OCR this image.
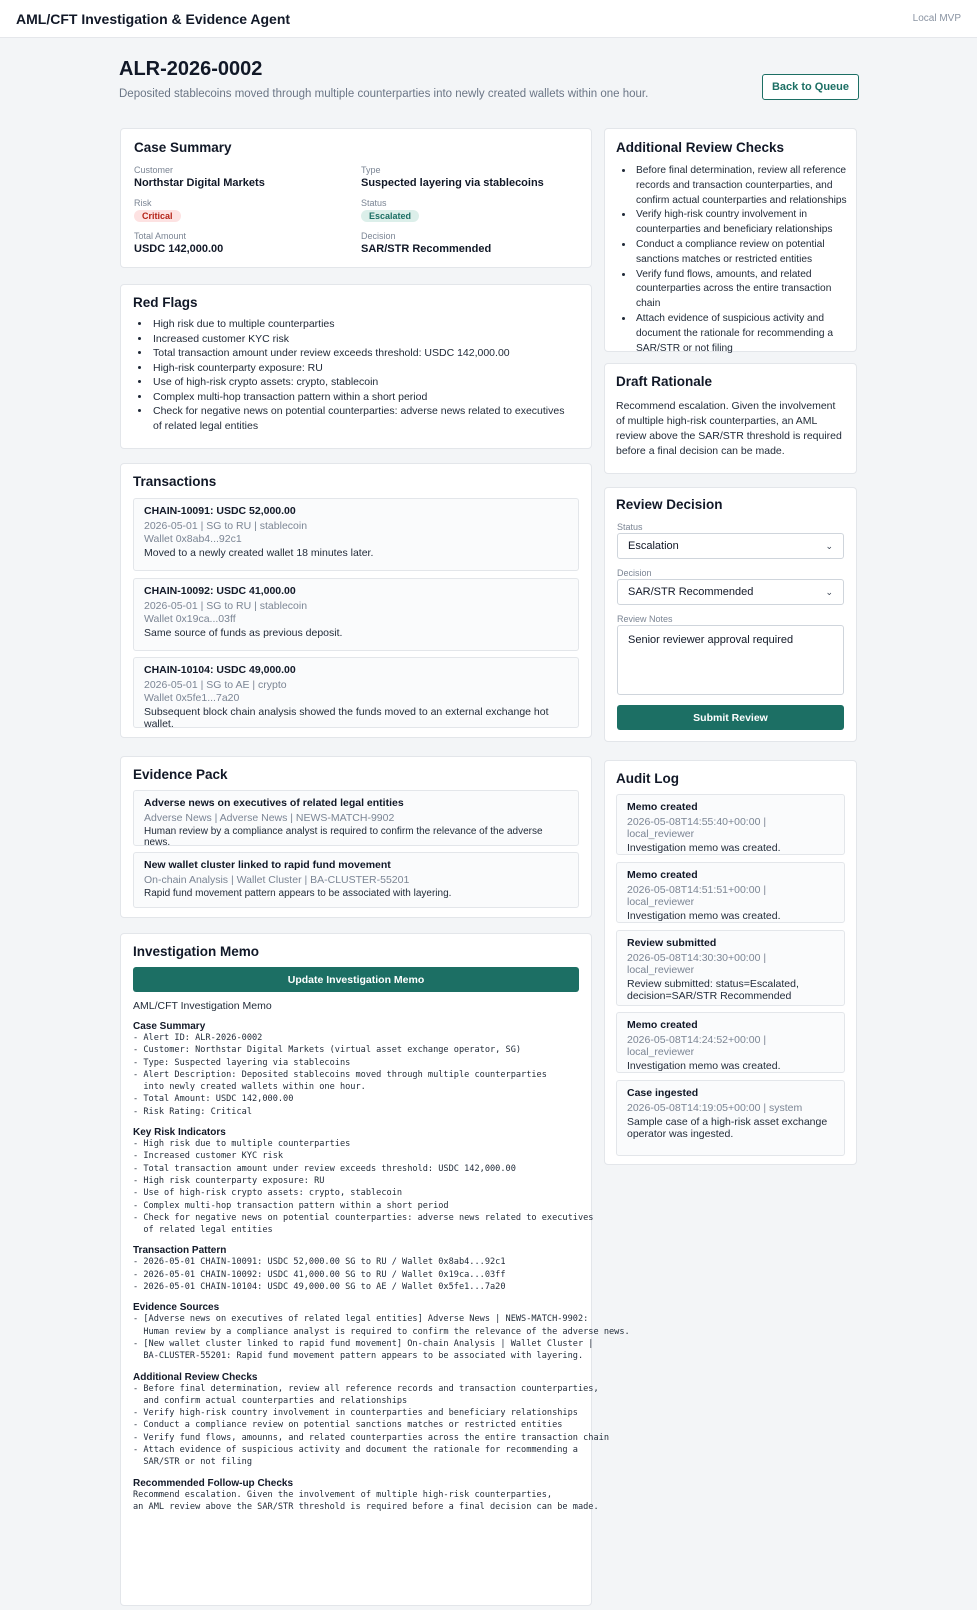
AML/CFT Investigation & Evidence Agent	Local MVP
ALR-2026-0002
Deposited stablecoins moved through multiple counterparties into newly created wallets within one hour.
Back to Queue
Case Summary
Customer
Northstar Digital Markets
Type
Suspected layering via stablecoins
Risk
Critical
Status
Escalated
Total Amount
USDC 142,000.00
Decision
SAR/STR Recommended
Red Flags
• High risk due to multiple counterparties
• Increased customer KYC risk
• Total transaction amount under review exceeds threshold: USDC 142,000.00
• High-risk counterparty exposure: RU
• Use of high-risk crypto assets: crypto, stablecoin
• Complex multi-hop transaction pattern within a short period
• Check for negative news on potential counterparties: adverse news related to executives of related legal entities
Transactions
CHAIN-10091: USDC 52,000.00
2026-05-01 | SG to RU | stablecoin
Wallet 0x8ab4...92c1
Moved to a newly created wallet 18 minutes later.
CHAIN-10092: USDC 41,000.00
2026-05-01 | SG to RU | stablecoin
Wallet 0x19ca...03ff
Same source of funds as previous deposit.
CHAIN-10104: USDC 49,000.00
2026-05-01 | SG to AE | crypto
Wallet 0x5fe1...7a20
Subsequent block chain analysis showed the funds moved to an external exchange hot wallet.
Evidence Pack
Adverse news on executives of related legal entities
Adverse News | Adverse News | NEWS-MATCH-9902
Human review by a compliance analyst is required to confirm the relevance of the adverse news.
New wallet cluster linked to rapid fund movement
On-chain Analysis | Wallet Cluster | BA-CLUSTER-55201
Rapid fund movement pattern appears to be associated with layering.
Investigation Memo
Update Investigation Memo
AML/CFT Investigation Memo
Case Summary
- Alert ID: ALR-2026-0002
- Customer: Northstar Digital Markets (virtual asset exchange operator, SG)
- Type: Suspected layering via stablecoins
- Alert Description: Deposited stablecoins moved through multiple counterparties
into newly created wallets within one hour.
- Total Amount: USDC 142,000.00
- Risk Rating: Critical
Key Risk Indicators
- High risk due to multiple counterparties
- Increased customer KYC risk
- Total transaction amount under review exceeds threshold: USDC 142,000.00
- High risk counterparty exposure: RU
- Use of high-risk crypto assets: crypto, stablecoin
- Complex multi-hop transaction pattern within a short period
- Check for negative news on potential counterparties: adverse news related to executives
of related legal entities
Transaction Pattern
- 2026-05-01 CHAIN-10091: USDC 52,000.00 SG to RU / Wallet 0x8ab4...92c1
- 2026-05-01 CHAIN-10092: USDC 41,000.00 SG to RU / Wallet 0x19ca...03ff
- 2026-05-01 CHAIN-10104: USDC 49,000.00 SG to AE / Wallet 0x5fe1...7a20
Evidence Sources
- [Adverse news on executives of related legal entities] Adverse News | NEWS-MATCH-9902:
Human review by a compliance analyst is required to confirm the relevance of the adverse news.
- [New wallet cluster linked to rapid fund movement] On-chain Analysis | Wallet Cluster |
BA-CLUSTER-55201: Rapid fund movement pattern appears to be associated with layering.
Additional Review Checks
- Before final determination, review all reference records and transaction counterparties,
and confirm actual counterparties and relationships
- Verify high-risk country involvement in counterparties and beneficiary relationships
- Conduct a compliance review on potential sanctions matches or restricted entities
- Verify fund flows, amounns, and related counterparties across the entire transaction chain
- Attach evidence of suspicious activity and document the rationale for recommending a
SAR/STR or not filing
Recommended Follow-up Checks
Recommend escalation. Given the involvement of multiple high-risk counterparties,
an AML review above the SAR/STR threshold is required before a final decision can be made.
Additional Review Checks
• Before final determination, review all reference records and transaction counterparties, and confirm actual counterparties and relationships
• Verify high-risk country involvement in counterparties and beneficiary relationships
• Conduct a compliance review on potential sanctions matches or restricted entities
• Verify fund flows, amounts, and related counterparties across the entire transaction chain
• Attach evidence of suspicious activity and document the rationale for recommending a SAR/STR or not filing
Draft Rationale
Recommend escalation. Given the involvement of multiple high-risk counterparties, an AML review above the SAR/STR threshold is required before a final decision can be made.
Review Decision
Status
Escalation	⌄
Decision
SAR/STR Recommended	⌄
Review Notes
Senior reviewer approval required
Submit Review
Audit Log
Memo created
2026-05-08T14:55:40+00:00 | local_reviewer
Investigation memo was created.
Memo created
2026-05-08T14:51:51+00:00 | local_reviewer
Investigation memo was created.
Review submitted
2026-05-08T14:30:30+00:00 | local_reviewer
Review submitted: status=Escalated, decision=SAR/STR Recommended
Memo created
2026-05-08T14:24:52+00:00 | local_reviewer
Investigation memo was created.
Case ingested
2026-05-08T14:19:05+00:00 | system
Sample case of a high-risk asset exchange operator was ingested.
